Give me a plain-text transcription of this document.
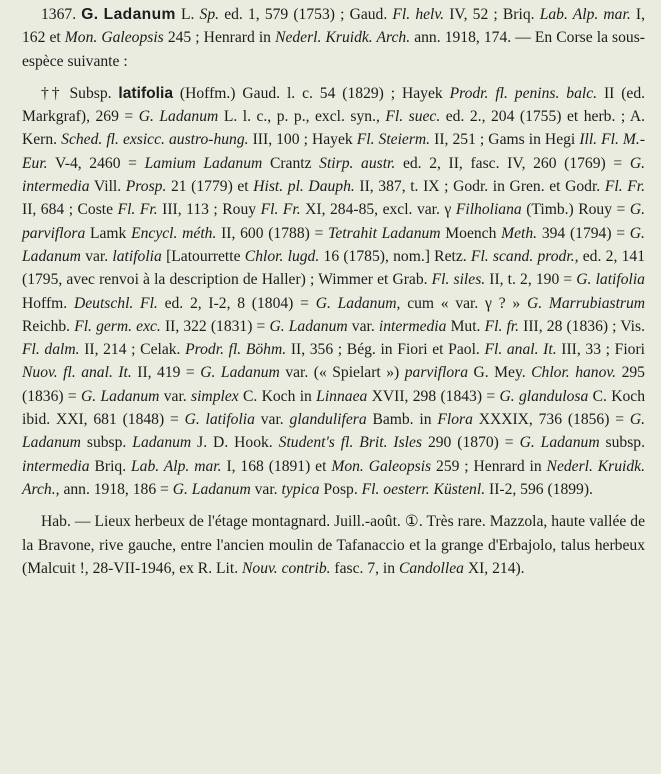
1367. G. Ladanum L. Sp. ed. 1, 579 (1753) ; Gaud. Fl. helv. IV, 52 ; Briq. Lab. Alp. mar. I, 162 et Mon. Galeopsis 245 ; Henrard in Nederl. Kruidk. Arch. ann. 1918, 174. — En Corse la sous-espèce suivante :

†† Subsp. latifolia (Hoffm.) Gaud. l. c. 54 (1829) ; Hayek Prodr. fl. penins. balc. II (ed. Markgraf), 269 = G. Ladanum L. l. c., p. p., excl. syn., Fl. suec. ed. 2., 204 (1755) et herb. ; A. Kern. Sched. fl. exsicc. austro-hung. III, 100 ; Hayek Fl. Steierm. II, 251 ; Gams in Hegi Ill. Fl. M.-Eur. V-4, 2460 = Lamium Ladanum Crantz Stirp. austr. ed. 2, II, fasc. IV, 260 (1769) = G. intermedia Vill. Prosp. 21 (1779) et Hist. pl. Dauph. II, 387, t. IX ; Godr. in Gren. et Godr. Fl. Fr. II, 684 ; Coste Fl. Fr. III, 113 ; Rouy Fl. Fr. XI, 284-85, excl. var. γ Filholiana (Timb.) Rouy = G. parviflora Lamk Encycl. méth. II, 600 (1788) = Tetrahit Ladanum Moench Meth. 394 (1794) = G. Ladanum var. latifolia [Latourrette Chlor. lugd. 16 (1785), nom.] Retz. Fl. scand. prodr., ed. 2, 141 (1795, avec renvoi à la description de Haller) ; Wimmer et Grab. Fl. siles. II, t. 2, 190 = G. latifolia Hoffm. Deutschl. Fl. ed. 2, I-2, 8 (1804) = G. Ladanum, cum « var. γ ? » G. Marrubiastrum Reichb. Fl. germ. exc. II, 322 (1831) = G. Ladanum var. intermedia Mut. Fl. fr. III, 28 (1836) ; Vis. Fl. dalm. II, 214 ; Celak. Prodr. fl. Böhm. II, 356 ; Bég. in Fiori et Paol. Fl. anal. It. III, 33 ; Fiori Nuov. fl. anal. It. II, 419 = G. Ladanum var. (« Spielart ») parviflora G. Mey. Chlor. hanov. 295 (1836) = G. Ladanum var. simplex C. Koch in Linnaea XVII, 298 (1843) = G. glandulosa C. Koch ibid. XXI, 681 (1848) = G. latifolia var. glandulifera Bamb. in Flora XXXIX, 736 (1856) = G. Ladanum subsp. Ladanum J. D. Hook. Student's fl. Brit. Isles 290 (1870) = G. Ladanum subsp. intermedia Briq. Lab. Alp. mar. I, 168 (1891) et Mon. Galeopsis 259 ; Henrard in Nederl. Kruidk. Arch., ann. 1918, 186 = G. Ladanum var. typica Posp. Fl. oesterr. Küstenl. II-2, 596 (1899).

Hab. — Lieux herbeux de l'étage montagnard. Juill.-août. ①. Très rare. Mazzola, haute vallée de la Bravone, rive gauche, entre l'ancien moulin de Tafanaccio et la grange d'Erbajolo, talus herbeux (Malcuit !, 28-VII-1946, ex R. Lit. Nouv. contrib. fasc. 7, in Candollea XI, 214).
